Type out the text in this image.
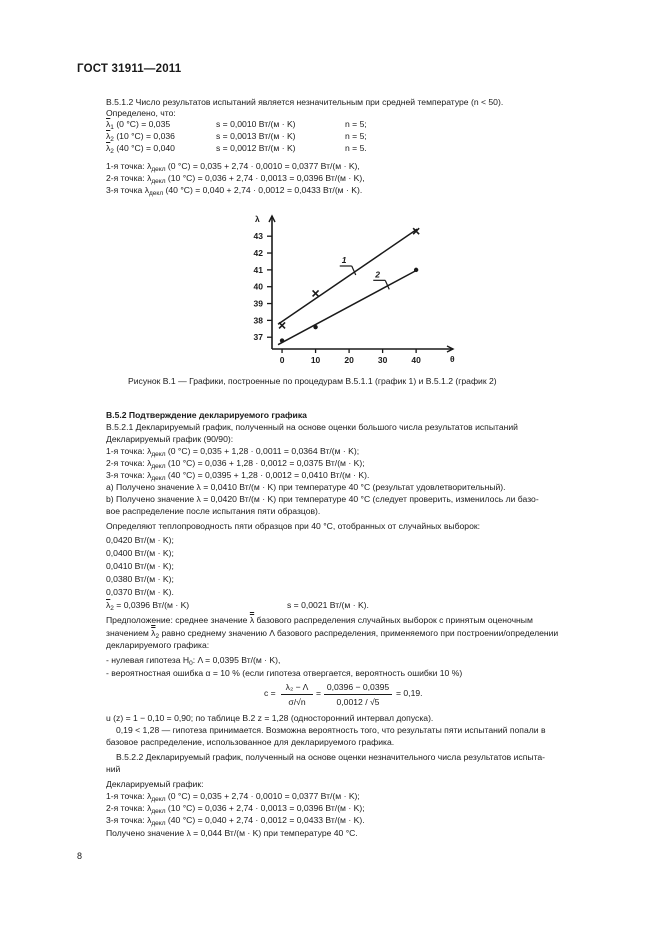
ГОСТ 31911—2011
В.5.1.2 Число результатов испытаний является незначительным при средней температуре (n < 50).
Определено, что:
$\overline{\lambda}_1$ (0 °C) = 0,035	s = 0,0010 Вт/(м · K)	n = 5;
$\overline{\lambda}_2$ (10 °C) = 0,036	s = 0,0013 Вт/(м · K)	n = 5;
$\overline{\lambda}_2$ (40 °C) = 0,040	s = 0,0012 Вт/(м · K)	n = 5.
1-я точка: $\lambda_{декл}$ (0 °C) = 0,035 + 2,74 · 0,0010 = 0,0377 Вт/(м · K),
2-я точка: $\lambda_{декл}$ (10 °C) = 0,036 + 2,74 · 0,0013 = 0,0396 Вт/(м · K),
3-я точка $\lambda_{декл}$ (40 °C) = 0,040 + 2,74 · 0,0012 = 0,0433 Вт/(м · K).
λ
θ
37
38
39
40
41
42
43
0	10	20	30	40
1
2
Рисунок В.1 — Графики, построенные по процедурам В.5.1.1 (график 1) и В.5.1.2 (график 2)
В.5.2 Подтверждение декларируемого графика
В.5.2.1 Декларируемый график, полученный на основе оценки большого числа результатов испытаний
Декларируемый график (90/90):
1-я точка: $\lambda_{декл}$ (0 °C) = 0,035 + 1,28 · 0,0011 = 0,0364 Вт/(м · K);
2-я точка: $\lambda_{декл}$ (10 °C) = 0,036 + 1,28 · 0,0012 = 0,0375 Вт/(м · K);
3-я точка: $\lambda_{декл}$ (40 °C) = 0,0395 + 1,28 · 0,0012 = 0,0410 Вт/(м · K).
а) Получено значение λ = 0,0410 Вт/(м · K) при температуре 40 °C (результат удовлетворительный).
b) Получено значение λ = 0,0420 Вт/(м · K) при температуре 40 °C (следует проверить, изменилось ли базо-
вое распределение после испытания пяти образцов).
Определяют теплопроводность пяти образцов при 40 °C, отобранных от случайных выборок:
0,0420 Вт/(м · K);
0,0400 Вт/(м · K);
0,0410 Вт/(м · K);
0,0380 Вт/(м · K);
0,0370 Вт/(м · K).
$\overline{\lambda}_2 = 0,0396$ Вт/(м · K)	s = 0,0021 Вт/(м · K).
Предположение: среднее значение λ базового распределения случайных выборок с принятым оценочным
значением $\lambda_2$ равно среднему значению Λ базового распределения, применяемого при построении/определении
декларируемого графика:
- нулевая гипотеза $H_0$: Λ = 0,0395 Вт/(м · K),
- вероятностная ошибка α = 10 % (если гипотеза отвергается, вероятность ошибки 10 %)
c =
λ₂ − Λ
σ/√n
=
0,0396 − 0,0395
0,0012 / √5
= 0,19.
u (z) = 1 − 0,10 = 0,90; по таблице В.2 z = 1,28 (односторонний интервал допуска).
0,19 < 1,28 — гипотеза принимается. Возможна вероятность того, что результаты пяти испытаний попали в
базовое распределение, использованное для декларируемого графика.
В.5.2.2 Декларируемый график, полученный на основе оценки незначительного числа результатов испыта-
ний
Декларируемый график:
1-я точка: $\lambda_{декл}$ (0 °C) = 0,035 + 2,74 · 0,0010 = 0,0377 Вт/(м · K);
2-я точка: $\lambda_{декл}$ (10 °C) = 0,036 + 2,74 · 0,0013 = 0,0396 Вт/(м · K);
3-я точка: $\lambda_{декл}$ (40 °C) = 0,040 + 2,74 · 0,0012 = 0,0433 Вт/(м · K).
Получено значение λ = 0,044 Вт/(м · K) при температуре 40 °C.
8
